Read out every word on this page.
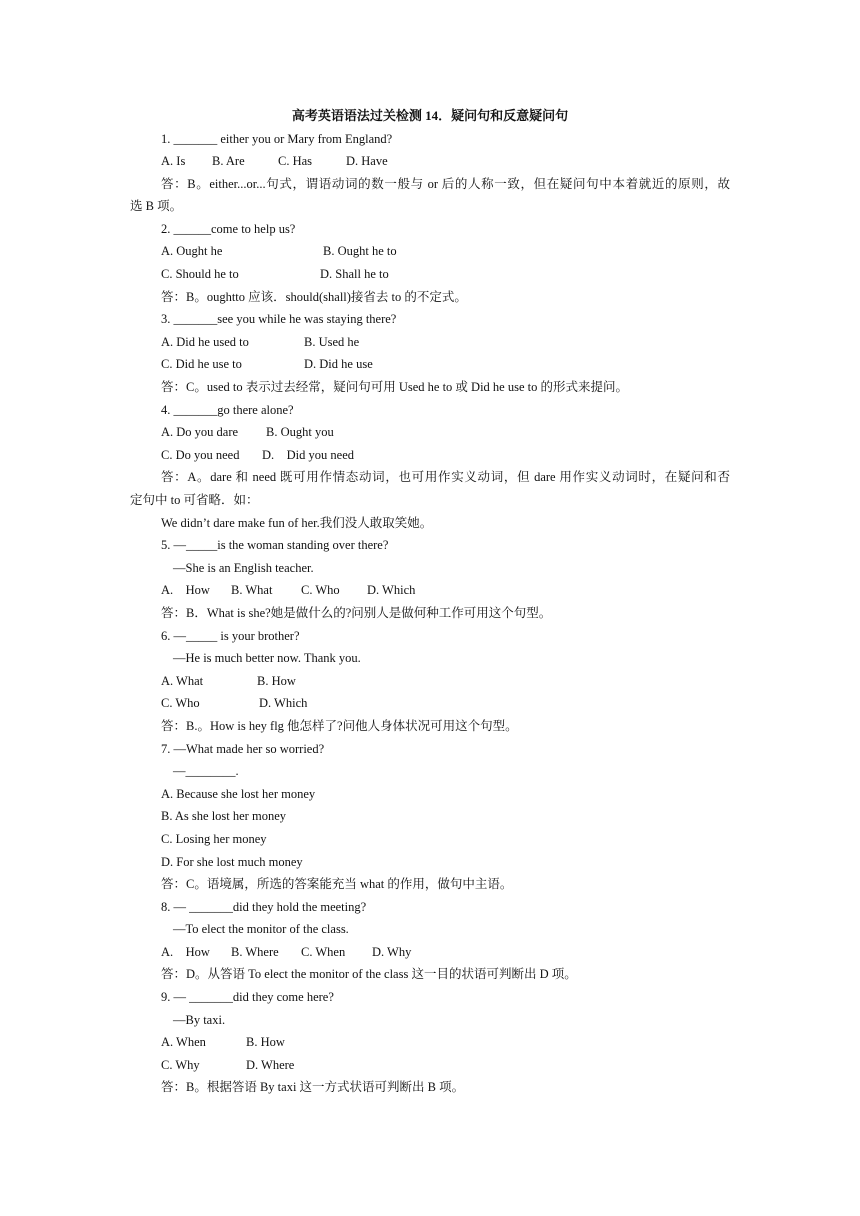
高考英语语法过关检测 14．疑问句和反意疑问句
1. _______ either you or Mary from England?
A. Is	B. Are	C. Has	D. Have
答：B。either...or...句式，谓语动词的数一般与 or 后的人称一致，但在疑问句中本着就近的原则，故
选 B 项。
2. ______come to help us?
A. Ought he	B. Ought he to
C. Should he to	D. Shall he to
答：B。oughtto 应该．should(shall)接省去 to 的不定式。
3. _______see you while he was staying there?
A. Did he used to	B. Used he
C. Did he use to	D. Did he use
答：C。used to 表示过去经常，疑问句可用 Used he to 或 Did he use to 的形式来提问。
4. _______go there alone?
A. Do you dare	B. Ought you
C. Do you need	D.    Did you need
答：A。dare 和 need 既可用作情态动词，也可用作实义动词，但 dare 用作实义动词时，在疑问和否
定句中 to 可省略．如：
We didn’t dare make fun of her.我们没人敢取笑她。
5. —_____is the woman standing over there?
—She is an English teacher.
A.    How	B. What	C. Who	D. Which
答：B．What is she?她是做什么的?问别人是做何种工作可用这个句型。
6. —_____ is your brother?
—He is much better now. Thank you.
A. What	B. How
C. Who	D. Which
答：B.。How is hey flg 他怎样了?问他人身体状况可用这个句型。
7. —What made her so worried?
—________.
A. Because she lost her money
B. As she lost her money
C. Losing her money
D. For she lost much money
答：C。语境属，所选的答案能充当 what 的作用，做句中主语。
8. — _______did they hold the meeting?
—To elect the monitor of the class.
A.    How	B. Where	C. When	D. Why
答：D。从答语 To elect the monitor of the class 这一目的状语可判断出 D 项。
9. — _______did they come here?
—By taxi.
A. When	B. How
C. Why	D. Where
答：B。根据答语 By taxi 这一方式状语可判断出 B 项。
